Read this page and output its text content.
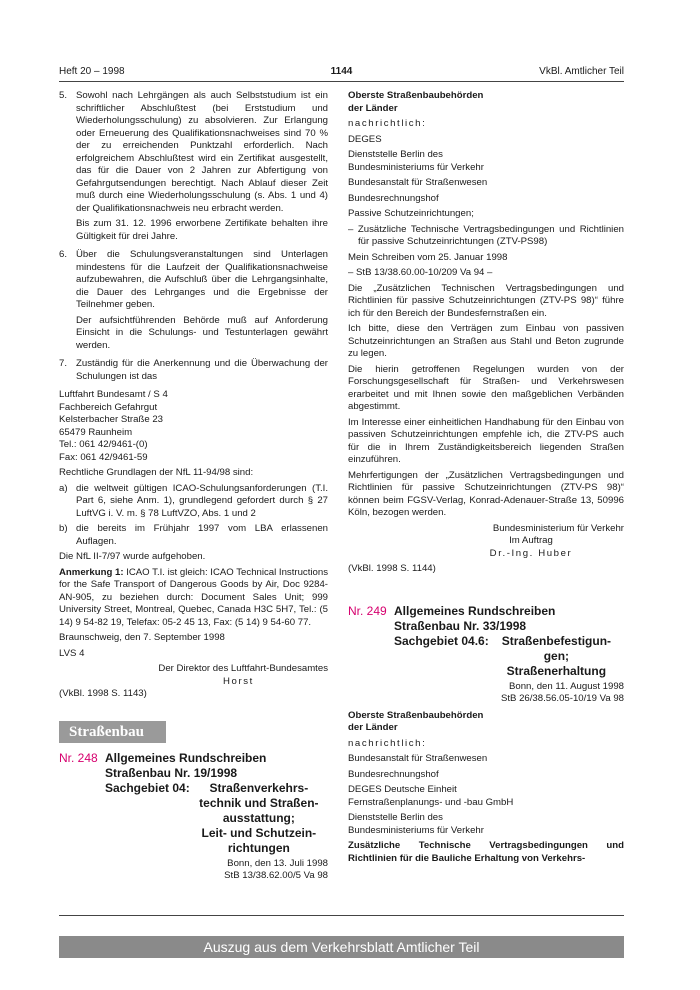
Heft 20 – 1998	1144	VkBl. Amtlicher Teil
5. Sowohl nach Lehrgängen als auch Selbststudium ist ein schriftlicher Abschlußtest (bei Erststudium und Wiederholungsschulung) zu absolvieren. Zur Erlangung oder Erneuerung des Qualifikationsnachweises sind 70 % der zu erreichenden Punktzahl erforderlich. Nach erfolgreichem Abschlußtest wird ein Zertifikat ausgestellt, das für die Dauer von 2 Jahren zur Abfertigung von Gefahrgutsendungen berechtigt. Nach Ablauf dieser Zeit muß durch eine Wiederholungsschulung (s. Abs. 1 und 4) der Qualifikationsnachweis neu erbracht werden.

Bis zum 31. 12. 1996 erworbene Zertifikate behalten ihre Gültigkeit für drei Jahre.

6. Über die Schulungsveranstaltungen sind Unterlagen mindestens für die Laufzeit der Qualifikationsnachweise aufzubewahren, die Aufschluß über die Lehrgangsinhalte, die Dauer des Lehrganges und die Ergebnisse der Teilnehmer geben.

Der aufsichtführenden Behörde muß auf Anforderung Einsicht in die Schulungs- und Testunterlagen gewährt werden.

7. Zuständig für die Anerkennung und die Überwachung der Schulungen ist das

Luftfahrt Bundesamt / S 4
Fachbereich Gefahrgut
Kelsterbacher Straße 23
65479 Raunheim
Tel.: 061 42/9461-(0)
Fax: 061 42/9461-59

Rechtliche Grundlagen der NfL 11-94/98 sind:

a) die weltweit gültigen ICAO-Schulungsanforderungen (T.I. Part 6, siehe Anm. 1), grundlegend gefordert durch § 27 LuftVG i. V. m. § 78 LuftVZO, Abs. 1 und 2
b) die bereits im Frühjahr 1997 vom LBA erlassenen Auflagen.

Die NfL II-7/97 wurde aufgehoben.

Anmerkung 1: ICAO T.I. ist gleich: ICAO Technical Instructions for the Safe Transport of Dangerous Goods by Air, Doc 9284-AN-905, zu beziehen durch: Document Sales Unit; 999 University Street, Montreal, Quebec, Canada H3C 5H7, Tel.: (5 14) 9 54-82 19, Telefax: 05-2 45 13, Fax: (5 14) 9 54-60 77.

Braunschweig, den 7. September 1998

LVS 4

Der Direktor des Luftfahrt-Bundesamtes
Horst
(VkBl. 1998 S. 1143)
Straßenbau
Nr. 248 Allgemeines Rundschreiben
Straßenbau Nr. 19/1998
Sachgebiet 04:	Straßenverkehrs-
technik und Straßen-
ausstattung;
Leit- und Schutzein-
richtungen
Bonn, den 13. Juli 1998
StB 13/38.62.00/5 Va 98
Oberste Straßenbaubehörden
der Länder
nachrichtlich:
DEGES
Dienststelle Berlin des
Bundesministeriums für Verkehr
Bundesanstalt für Straßenwesen
Bundesrechnungshof
Passive Schutzeinrichtungen;

– Zusätzliche Technische Vertragsbedingungen und Richtlinien für passive Schutzeinrichtungen (ZTV-PS98)

Mein Schreiben vom 25. Januar 1998

– StB 13/38.60.00-10/209 Va 94 –

Die „Zusätzlichen Technischen Vertragsbedingungen und Richtlinien für passive Schutzeinrichtungen (ZTV-PS 98)“ führe ich für den Bereich der Bundesfernstraßen ein.

Ich bitte, diese den Verträgen zum Einbau von passiven Schutzeinrichtungen an Straßen aus Stahl und Beton zugrunde zu legen.

Die hierin getroffenen Regelungen wurden von der Forschungsgesellschaft für Straßen- und Verkehrswesen erarbeitet und mit Ihnen sowie den maßgeblichen Verbänden abgestimmt.

Im Interesse einer einheitlichen Handhabung für den Einbau von passiven Schutzeinrichtungen empfehle ich, die ZTV-PS auch für die in Ihrem Zuständigkeitsbereich liegenden Straßen einzuführen.

Mehrfertigungen der „Zusätzlichen Vertragsbedingungen und Richtlinien für passive Schutzeinrichtungen (ZTV-PS 98)“ können beim FGSV-Verlag, Konrad-Adenauer-Straße 13, 50996 Köln, bezogen werden.

Bundesministerium für Verkehr
Im Auftrag
Dr.-Ing. Huber
(VkBl. 1998 S. 1144)
Nr. 249 Allgemeines Rundschreiben
Straßenbau Nr. 33/1998
Sachgebiet 04.6:	Straßenbefestigun-
gen;
Straßenerhaltung
Bonn, den 11. August 1998
StB 26/38.56.05-10/19 Va 98
Oberste Straßenbaubehörden
der Länder
nachrichtlich:
Bundesanstalt für Straßenwesen
Bundesrechnungshof
DEGES Deutsche Einheit
Fernstraßenplanungs- und -bau GmbH
Dienststelle Berlin des
Bundesministeriums für Verkehr

Zusätzliche Technische Vertragsbedingungen und Richtlinien für die Bauliche Erhaltung von Verkehrs-

Auszug aus dem Verkehrsblatt Amtlicher Teil
